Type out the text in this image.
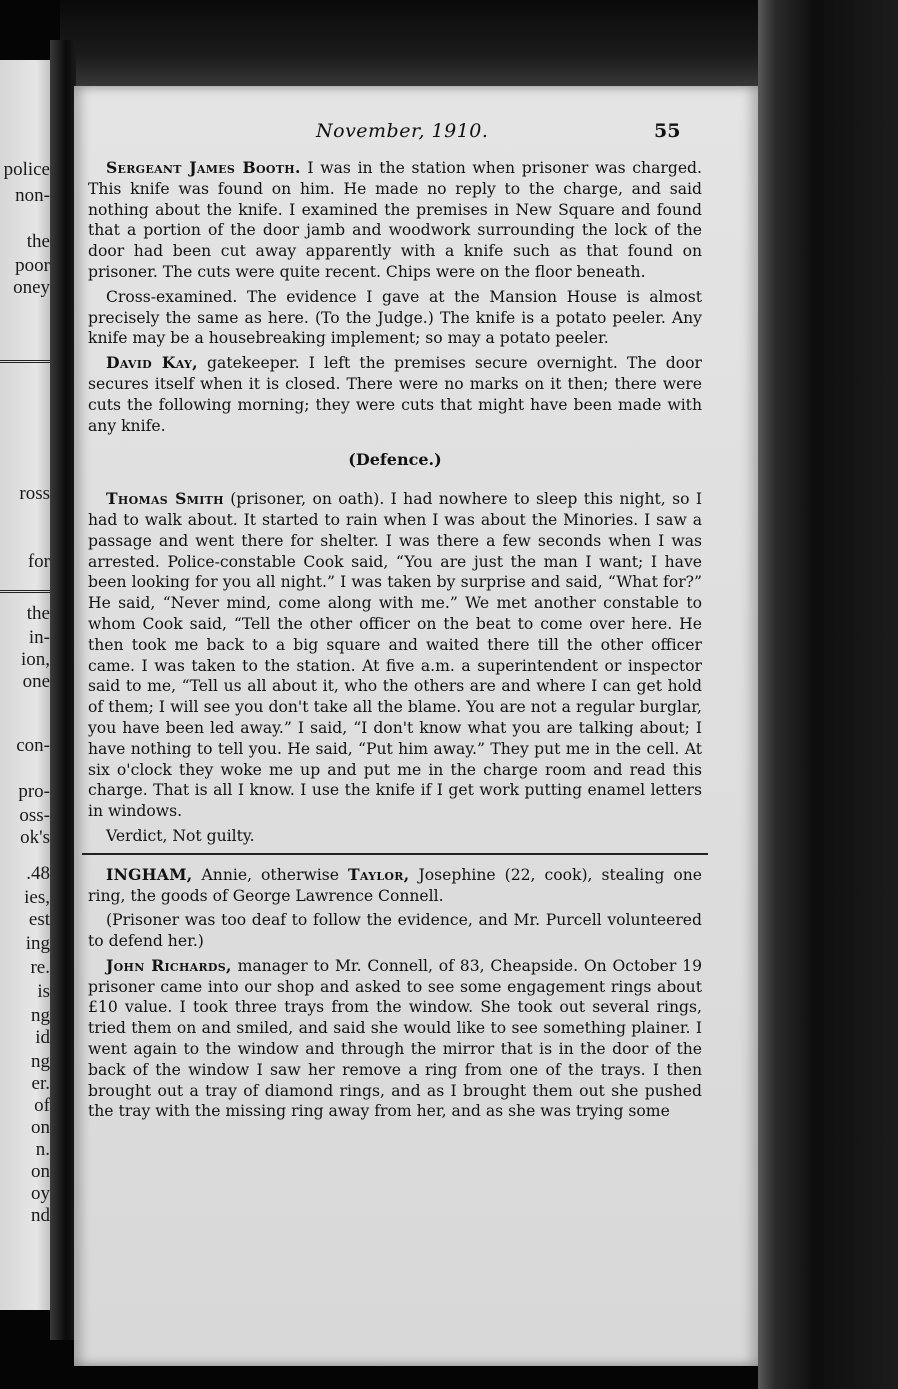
police
non-
the
poor
oney
ross
for
the
in-
ion,
one
con-
pro-
oss-
ok's
.48
ies,
est
ing
re.
is
ng
id
ng
er.
of
on
n.
on
oy
nd
November, 1910.	55

Sergeant James Booth. I was in the station when prisoner was charged. This knife was found on him. He made no reply to the charge, and said nothing about the knife. I examined the premises in New Square and found that a portion of the door jamb and woodwork surrounding the lock of the door had been cut away apparently with a knife such as that found on prisoner. The cuts were quite recent. Chips were on the floor beneath.

Cross-examined. The evidence I gave at the Mansion House is almost precisely the same as here. (To the Judge.) The knife is a potato peeler. Any knife may be a housebreaking implement; so may a potato peeler.

David Kay, gatekeeper. I left the premises secure overnight. The door secures itself when it is closed. There were no marks on it then; there were cuts the following morning; they were cuts that might have been made with any knife.

(Defence.)

Thomas Smith (prisoner, on oath). I had nowhere to sleep this night, so I had to walk about. It started to rain when I was about the Minories. I saw a passage and went there for shelter. I was there a few seconds when I was arrested. Police-constable Cook said, “You are just the man I want; I have been looking for you all night.” I was taken by surprise and said, “What for?” He said, “Never mind, come along with me.” We met another constable to whom Cook said, “Tell the other officer on the beat to come over here. He then took me back to a big square and waited there till the other officer came. I was taken to the station. At five a.m. a superintendent or inspector said to me, “Tell us all about it, who the others are and where I can get hold of them; I will see you don't take all the blame. You are not a regular burglar, you have been led away.” I said, “I don't know what you are talking about; I have nothing to tell you. He said, “Put him away.” They put me in the cell. At six o'clock they woke me up and put me in the charge room and read this charge. That is all I know. I use the knife if I get work putting enamel letters in windows.

Verdict, Not guilty.

INGHAM, Annie, otherwise Taylor, Josephine (22, cook), stealing one ring, the goods of George Lawrence Connell.

(Prisoner was too deaf to follow the evidence, and Mr. Purcell volunteered to defend her.)

John Richards, manager to Mr. Connell, of 83, Cheapside. On October 19 prisoner came into our shop and asked to see some engagement rings about £10 value. I took three trays from the window. She took out several rings, tried them on and smiled, and said she would like to see something plainer. I went again to the window and through the mirror that is in the door of the back of the window I saw her remove a ring from one of the trays. I then brought out a tray of diamond rings, and as I brought them out she pushed the tray with the missing ring away from her, and as she was trying some
